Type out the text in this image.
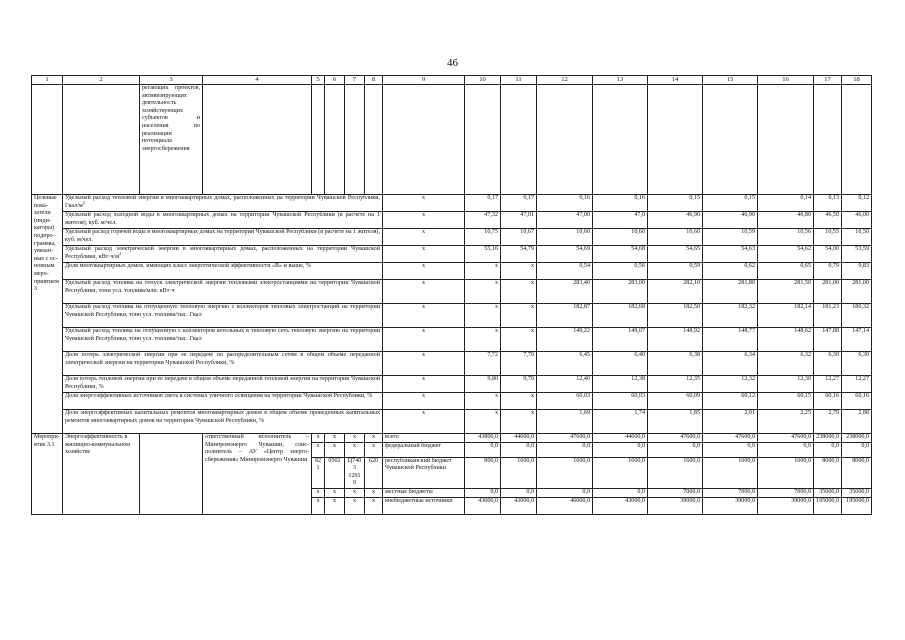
46
1	2	3	4	5	6	7	8	9	10	11	12	13	14	15	16	17	18
		регающих проектов, активизирующих деятельность хозяйствующих субъектов и населения по реализации потенциала энергосбережения															
Целевые показатели (индикаторы) подпрограммы, увязанные с основным мероприятием 3	Удельный расход тепловой энергии в многоквартирных домах, расположенных на территории Чувашской Республики, Гкал/$м^2$							x	0,17	0,17	0,16	0,16	0,15	0,15	0,14	0,13	0,12
	Удельный расход холодной воды в многоквартирных домах на территории Чувашской Республики (в расчете на 1 жителя), куб. м/чел.							x	47,32	47,01	47,00	47,0	46,90	46,90	46,80	46,50	46,00
	Удельный расход горячей воды в многоквартирных домах на территории Чувашской Республики (в расчете на 1 жителя), куб. м/чел.							x	10,75	10,67	10,60	10,60	10,60	10,59	10,56	10,55	10,50
	Удельный расход электрической энергии в многоквартирных домах, расположенных на территории Чувашской Республики, $кВт\cdot ч/м^2$							x	55,16	54,79	54,69	54,68	54,65	54,63	54,62	54,00	53,59
	Доля многоквартирных домов, имеющих класс энергетической эффективности «В» и выше, %							x	x	x	0,54	0,56	0,59	0,62	0,65	0,79	0,83
	Удельный расход топлива на отпуск электрической энергии тепловыми электростанциями на территории Чувашской Республики, тонн усл. топлива/млн. кВт·ч							x	x	x	283,40	283,00	282,10	281,80	281,50	281,00	281,00
	Удельный расход топлива на отпущенную тепловую энергию с коллекторов тепловых электростанций на территории Чувашской Республики, тонн усл. топлива/тыс. Гкал							x	x	x	182,87	182,68	182,50	182,32	182,14	181,23	180,32
	Удельный расход топлива на отпущенную с коллекторов котельных в тепловую сеть тепловую энергию на территории Чувашской Республики, тонн усл. топлива/тыс. Гкал							x	x	x	149,22	149,07	148,92	148,77	148,62	147,88	147,14
	Доля потерь электрической энергии при ее передаче по распределительным сетям в общем объеме переданной электрической энергии на территории Чувашской Республики, %							x	7,72	7,70	6,45	6,40	6,38	6,34	6,32	6,30	6,30
	Доля потерь тепловой энергии при ее передаче в общем объеме переданной тепловой энергии на территории Чувашской Республики, %							x	9,80	9,70	12,40	12,38	12,35	12,32	12,30	12,27	12,27
	Доля энергоэффективных источников света в системах уличного освещения на территории Чувашской Республики, %							x	x	x	60,03	60,03	60,09	60,12	60,15	60,16	60,16
	Доля энергоэффективных капитальных ремонтов многоквартирных домов в общем объеме проведенных капитальных ремонтов многоквартирных домов на территории Чувашской Республики, %							x	x	x	1,69	1,74	1,85	2,01	2,25	2,79	2,88
Мероприятие 3.1	Энергоэффективность в жилищно-коммунальном хозяйстве		ответственный исполнитель – Минпромэнерго Чувашии, соисполнитель – АУ «Центр энергосбережения» Минпромэнерго Чувашии	x	x	x	x	всего	43800,0	44600,0	47600,0	44600,0	47600,0	47600,0	47600,0	238000,0	238000,0
				x	x	x	x	федеральный бюджет	0,0	0,0	0,0	0,0	0,0	0,0	0,0	0,0	0,0
				821	0502	Ц7403 12910	620	республиканский бюджет Чувашской Республики	800,0	1600,0	1600,0	1600,0	1600,0	1600,0	1600,0	8000,0	8000,0
				x	x	x	x	местные бюджеты	0,0	0,0	0,0	0,0	7000,0	7000,0	7000,0	35000,0	35000,0
				x	x	x	x	внебюджетные источники	43000,0	43000,0	46000,0	43000,0	39000,0	39000,0	39000,0	195000,0	195000,0
